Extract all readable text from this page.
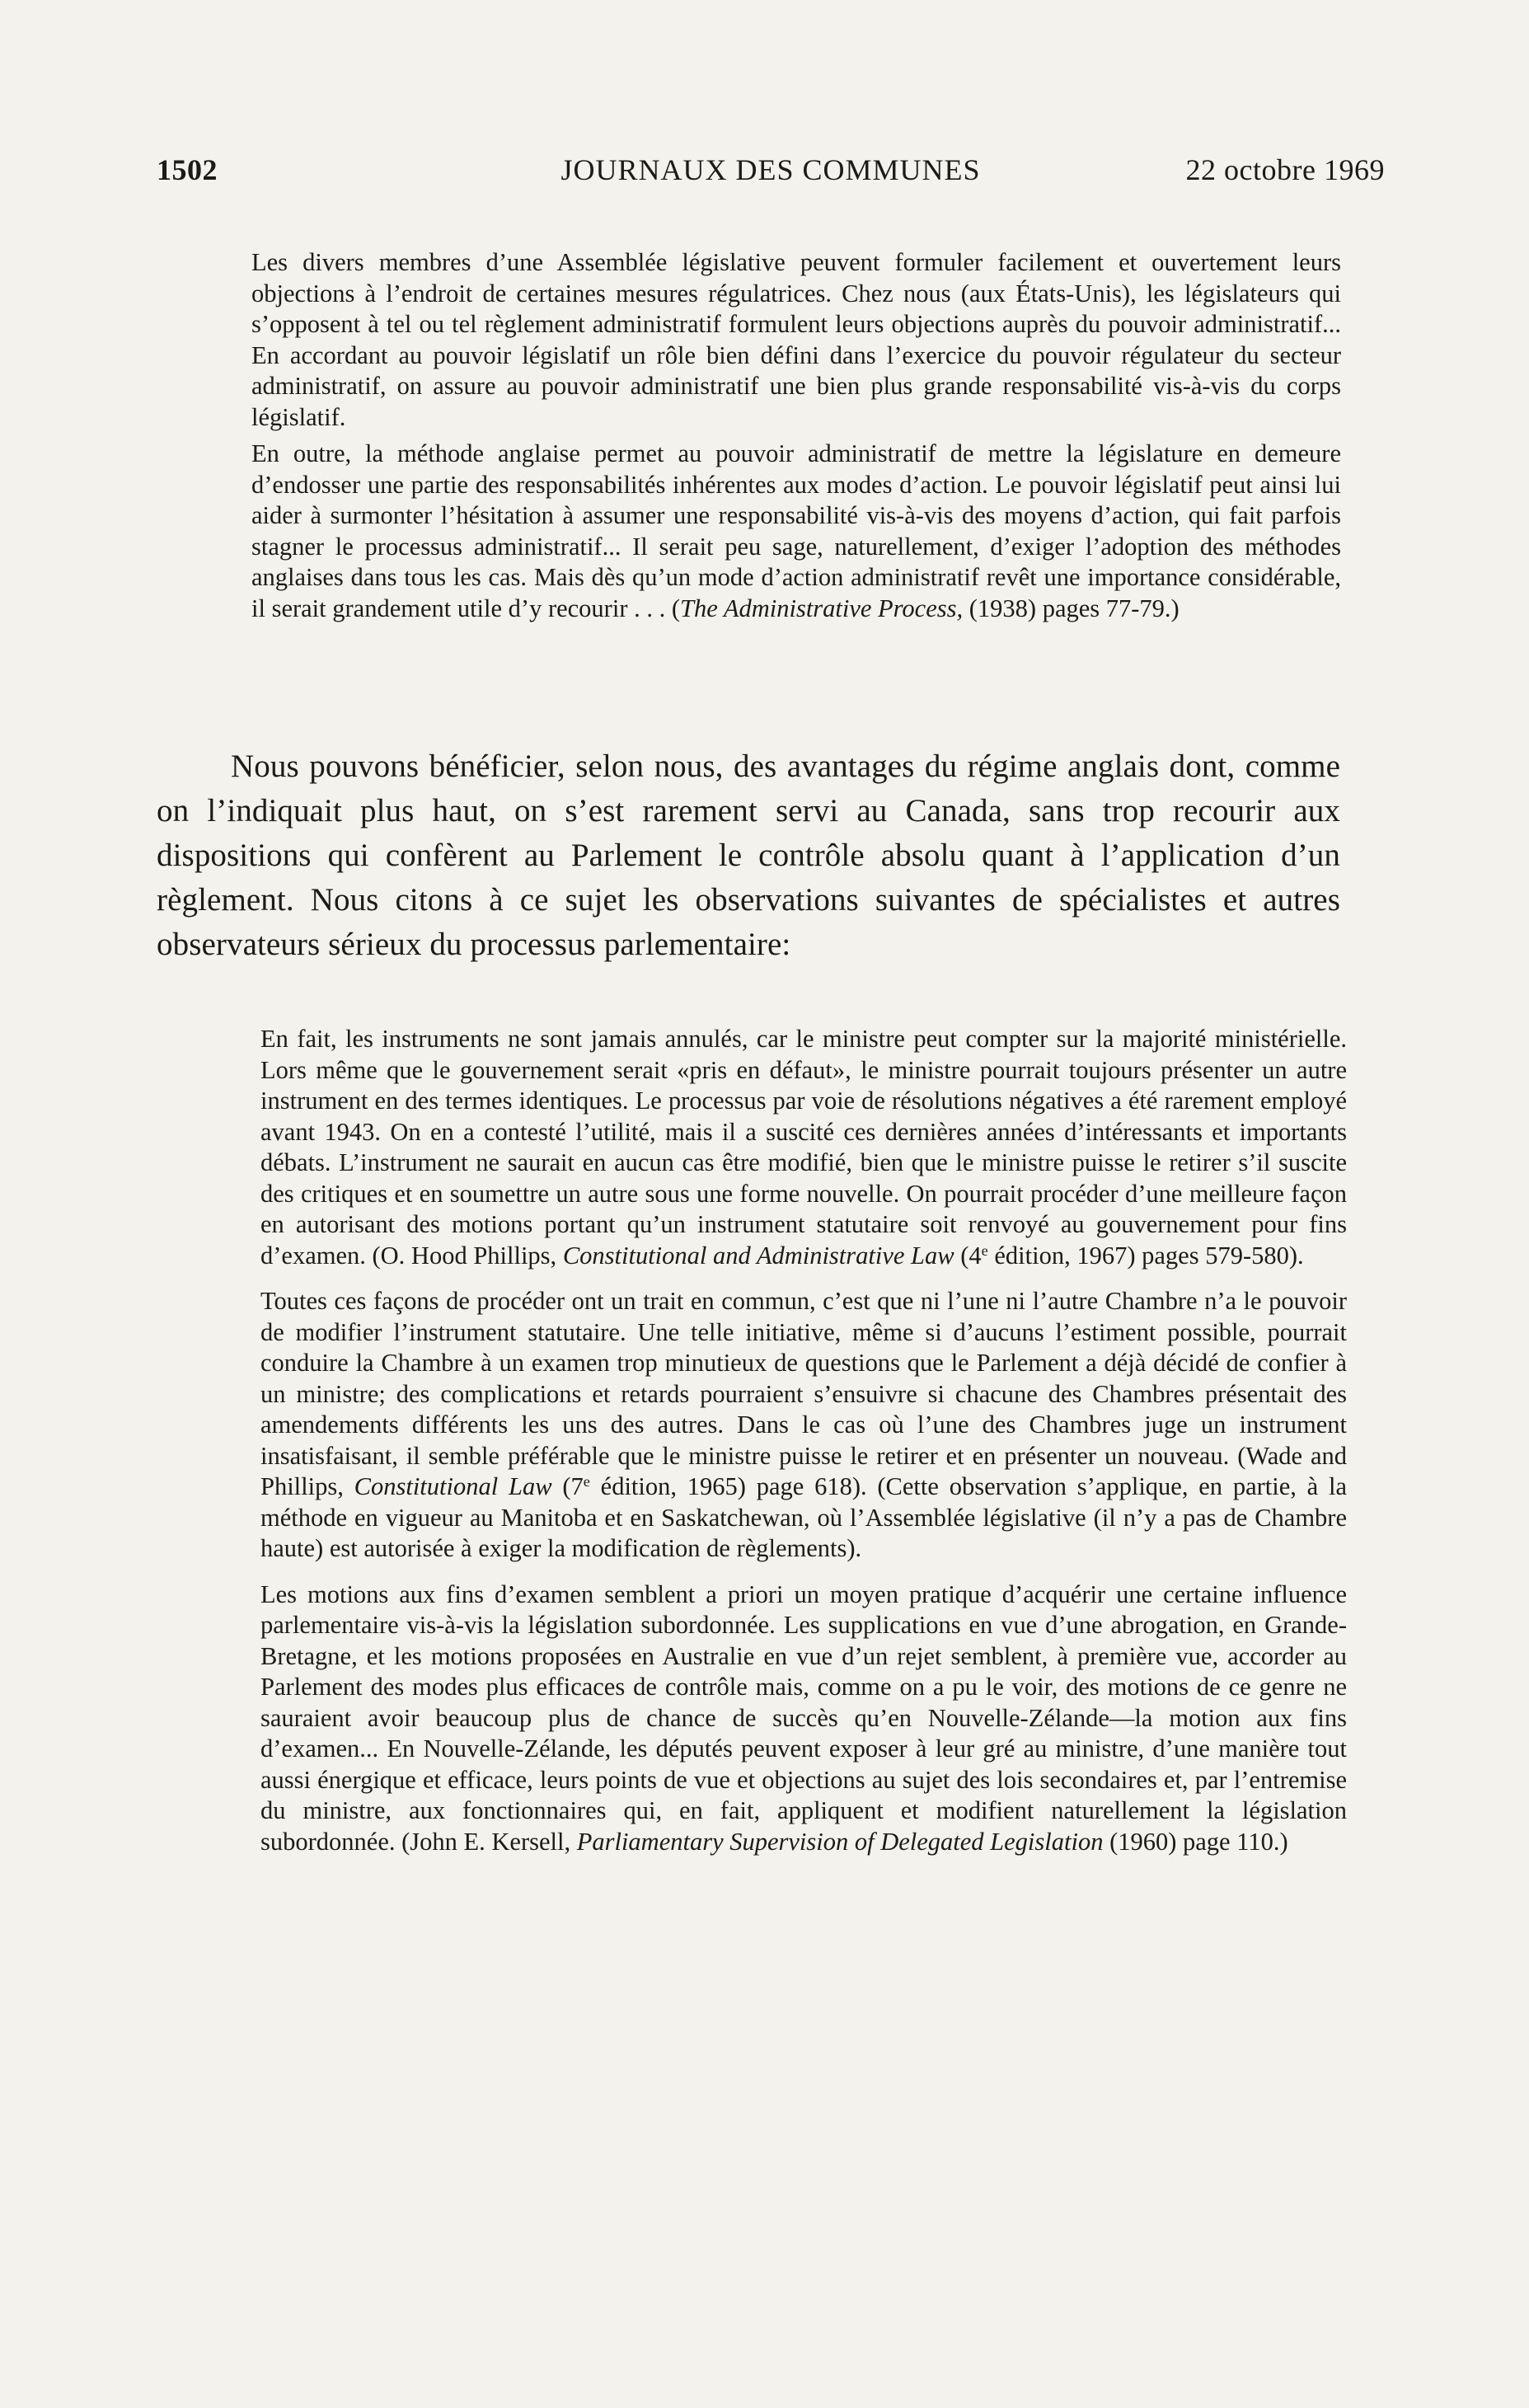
1502	JOURNAUX DES COMMUNES	22 octobre 1969

Les divers membres d’une Assemblée législative peuvent formuler facilement et ouvertement leurs objections à l’endroit de certaines mesures régulatrices. Chez nous (aux États-Unis), les législateurs qui s’opposent à tel ou tel règlement administratif formulent leurs objections auprès du pouvoir administratif... En accordant au pouvoir législatif un rôle bien défini dans l’exercice du pouvoir régulateur du secteur administratif, on assure au pouvoir administratif une bien plus grande responsabilité vis-à-vis du corps législatif.

En outre, la méthode anglaise permet au pouvoir administratif de mettre la législature en demeure d’endosser une partie des responsabilités inhérentes aux modes d’action. Le pouvoir législatif peut ainsi lui aider à surmonter l’hésitation à assumer une responsabilité vis-à-vis des moyens d’action, qui fait parfois stagner le processus administratif... Il serait peu sage, naturellement, d’exiger l’adoption des méthodes anglaises dans tous les cas. Mais dès qu’un mode d’action administratif revêt une importance considérable, il serait grandement utile d’y recourir . . . (The Administrative Process, (1938) pages 77-79.)

Nous pouvons bénéficier, selon nous, des avantages du régime anglais dont, comme on l’indiquait plus haut, on s’est rarement servi au Canada, sans trop recourir aux dispositions qui confèrent au Parlement le contrôle absolu quant à l’application d’un règlement. Nous citons à ce sujet les observations suivantes de spécialistes et autres observateurs sérieux du processus parlementaire:

En fait, les instruments ne sont jamais annulés, car le ministre peut compter sur la majorité ministérielle. Lors même que le gouvernement serait «pris en défaut», le ministre pourrait toujours présenter un autre instrument en des termes identiques. Le processus par voie de résolutions négatives a été rarement employé avant 1943. On en a contesté l’utilité, mais il a suscité ces dernières années d’intéressants et importants débats. L’instrument ne saurait en aucun cas être modifié, bien que le ministre puisse le retirer s’il suscite des critiques et en soumettre un autre sous une forme nouvelle. On pourrait procéder d’une meilleure façon en autorisant des motions portant qu’un instrument statutaire soit renvoyé au gouvernement pour fins d’examen. (O. Hood Phillips, Constitutional and Administrative Law (4e édition, 1967) pages 579-580).

Toutes ces façons de procéder ont un trait en commun, c’est que ni l’une ni l’autre Chambre n’a le pouvoir de modifier l’instrument statutaire. Une telle initiative, même si d’aucuns l’estiment possible, pourrait conduire la Chambre à un examen trop minutieux de questions que le Parlement a déjà décidé de confier à un ministre; des complications et retards pourraient s’ensuivre si chacune des Chambres présentait des amendements différents les uns des autres. Dans le cas où l’une des Chambres juge un instrument insatisfaisant, il semble préférable que le ministre puisse le retirer et en présenter un nouveau. (Wade and Phillips, Constitutional Law (7e édition, 1965) page 618). (Cette observation s’applique, en partie, à la méthode en vigueur au Manitoba et en Saskatchewan, où l’Assemblée législative (il n’y a pas de Chambre haute) est autorisée à exiger la modification de règlements).

Les motions aux fins d’examen semblent a priori un moyen pratique d’acquérir une certaine influence parlementaire vis-à-vis la législation subordonnée. Les supplications en vue d’une abrogation, en Grande-Bretagne, et les motions proposées en Australie en vue d’un rejet semblent, à première vue, accorder au Parlement des modes plus efficaces de contrôle mais, comme on a pu le voir, des motions de ce genre ne sauraient avoir beaucoup plus de chance de succès qu’en Nouvelle-Zélande—la motion aux fins d’examen... En Nouvelle-Zélande, les députés peuvent exposer à leur gré au ministre, d’une manière tout aussi énergique et efficace, leurs points de vue et objections au sujet des lois secondaires et, par l’entremise du ministre, aux fonctionnaires qui, en fait, appliquent et modifient naturellement la législation subordonnée. (John E. Kersell, Parliamentary Supervision of Delegated Legislation (1960) page 110.)
